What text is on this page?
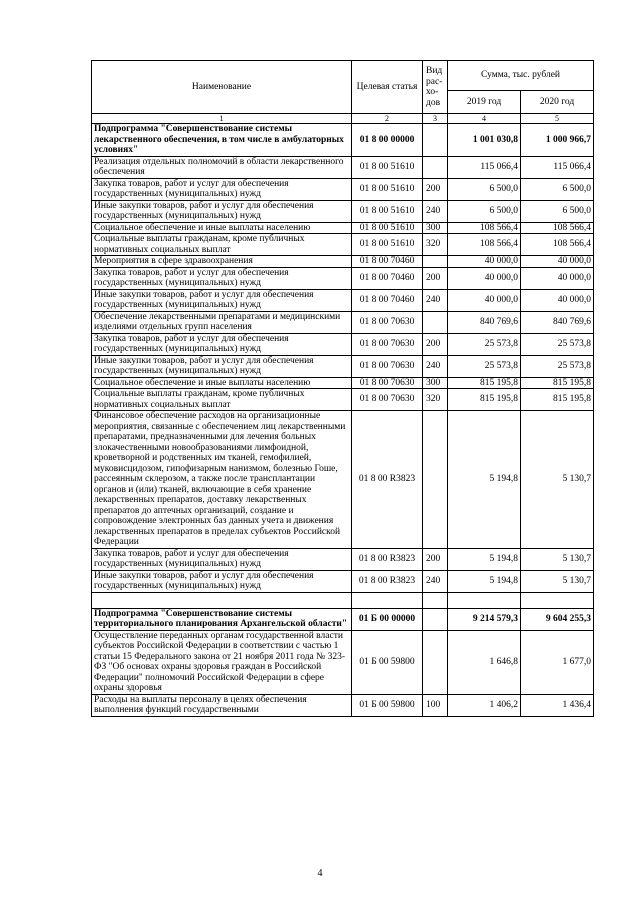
Наименование	Целевая статья	Вид рас-хо-дов	Сумма, тыс. рублей	
			2019 год	2020 год
1	2	3	4	5
Подпрограмма "Совершенствование системы лекарственного обеспечения, в том числе в амбулаторных условиях"	01 8 00 00000		1 001 030,8	1 000 966,7
Реализация отдельных полномочий в области лекарственного обеспечения	01 8 00 51610		115 066,4	115 066,4
Закупка товаров, работ и услуг для обеспечения государственных (муниципальных) нужд	01 8 00 51610	200	6 500,0	6 500,0
Иные закупки товаров, работ и услуг для обеспечения государственных (муниципальных) нужд	01 8 00 51610	240	6 500,0	6 500,0
Социальное обеспечение и иные выплаты населению	01 8 00 51610	300	108 566,4	108 566,4
Социальные выплаты гражданам, кроме публичных нормативных социальных выплат	01 8 00 51610	320	108 566,4	108 566,4
Мероприятия в сфере здравоохранения	01 8 00 70460		40 000,0	40 000,0
Закупка товаров, работ и услуг для обеспечения государственных (муниципальных) нужд	01 8 00 70460	200	40 000,0	40 000,0
Иные закупки товаров, работ и услуг для обеспечения государственных (муниципальных) нужд	01 8 00 70460	240	40 000,0	40 000,0
Обеспечение лекарственными препаратами и медицинскими изделиями отдельных групп населения	01 8 00 70630		840 769,6	840 769,6
Закупка товаров, работ и услуг для обеспечения государственных (муниципальных) нужд	01 8 00 70630	200	25 573,8	25 573,8
Иные закупки товаров, работ и услуг для обеспечения государственных (муниципальных) нужд	01 8 00 70630	240	25 573,8	25 573,8
Социальное обеспечение и иные выплаты населению	01 8 00 70630	300	815 195,8	815 195,8
Социальные выплаты гражданам, кроме публичных нормативных социальных выплат	01 8 00 70630	320	815 195,8	815 195,8
Финансовое обеспечение расходов на организационные мероприятия, связанные с обеспечением лиц лекарственными препаратами, предназначенными для лечения больных злокачественными новообразованиями лимфоидной, кроветворной и родственных им тканей, гемофилией, муковисцидозом, гипофизарным нанизмом, болезнью Гоше, рассеянным склерозом, а также после трансплантации органов и (или) тканей, включающие в себя хранение лекарственных препаратов, доставку лекарственных препаратов до аптечных организаций, создание и сопровождение электронных баз данных учета и движения лекарственных препаратов в пределах субъектов Российской Федерации	01 8 00 R3823		5 194,8	5 130,7
Закупка товаров, работ и услуг для обеспечения государственных (муниципальных) нужд	01 8 00 R3823	200	5 194,8	5 130,7
Иные закупки товаров, работ и услуг для обеспечения государственных (муниципальных) нужд	01 8 00 R3823	240	5 194,8	5 130,7

Подпрограмма "Совершенствование системы территориального планирования Архангельской области"	01 Б 00 00000		9 214 579,3	9 604 255,3
Осуществление переданных органам государственной власти субъектов Российской Федерации в соответствии с частью 1 статьи 15 Федерального закона от 21 ноября 2011 года № 323-ФЗ "Об основах охраны здоровья граждан в Российской Федерации" полномочий Российской Федерации в сфере охраны здоровья	01 Б 00 59800		1 646,8	1 677,0
Расходы на выплаты персоналу в целях обеспечения выполнения функций государственными	01 Б 00 59800	100	1 406,2	1 436,4
4
